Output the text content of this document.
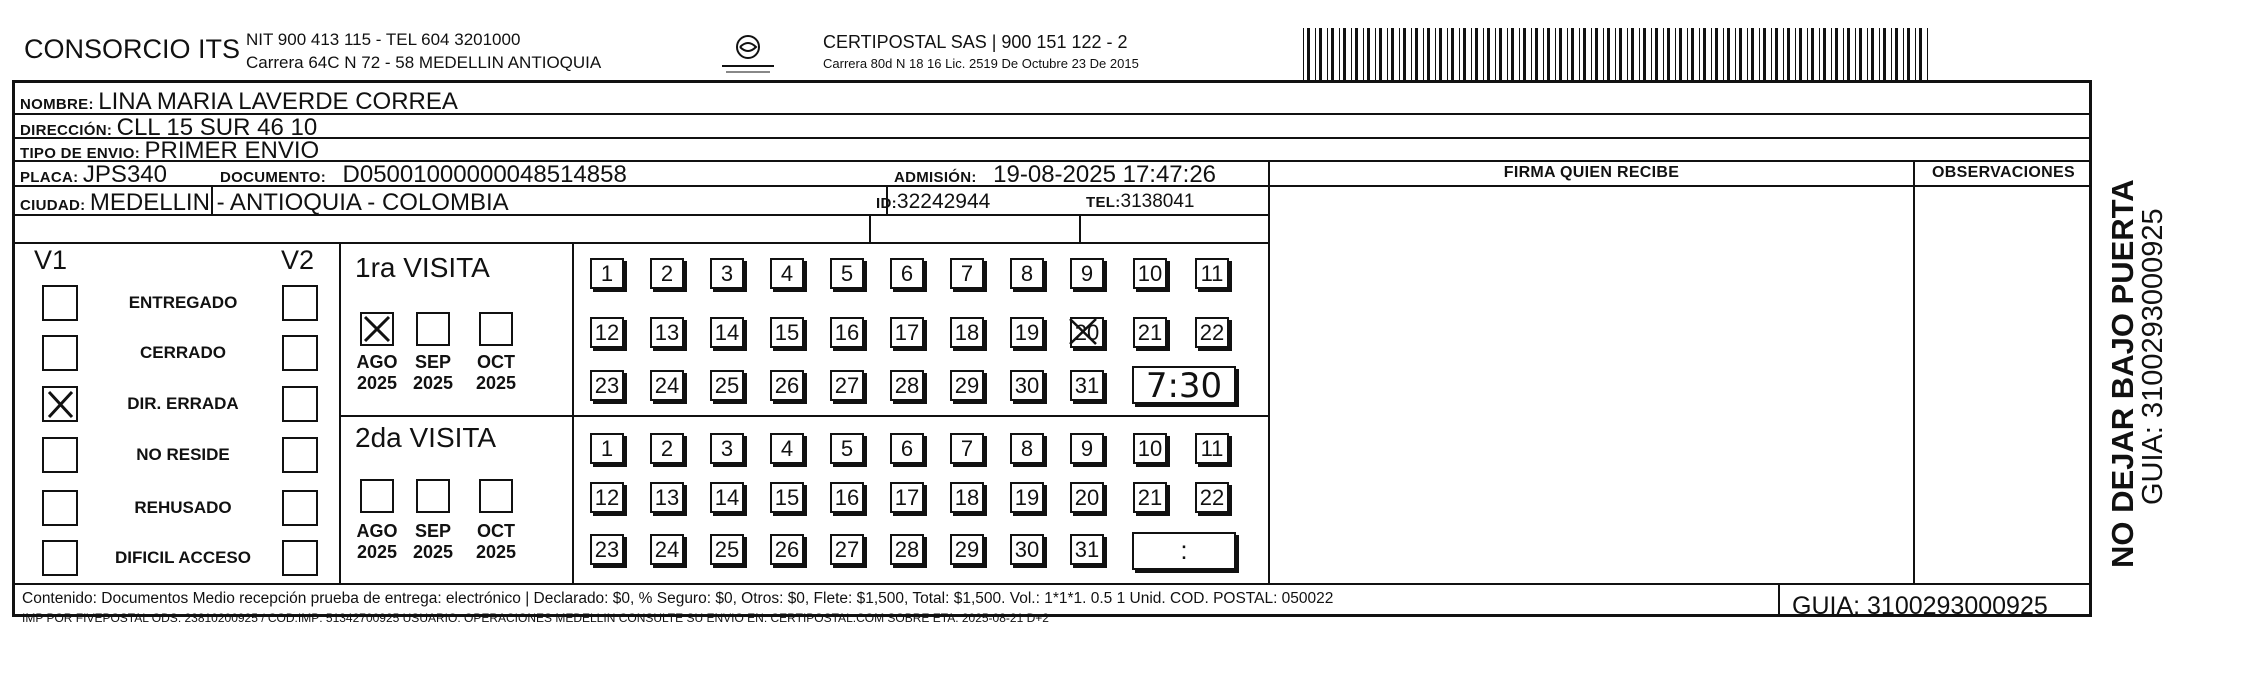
CONSORCIO ITS NIT 900 413 115 - TEL 604 3201000
Carrera 64C N 72 - 58 MEDELLIN ANTIOQUIA
CERTIPOSTAL SAS | 900 151 122 - 2
Carrera 80d N 18 16 Lic. 2519 De Octubre 23 De 2015
NOMBRE: LINA MARIA LAVERDE CORREA
DIRECCIÓN: CLL 15 SUR 46 10
TIPO DE ENVIO: PRIMER ENVIO
PLACA: JPS340	DOCUMENTO: D05001000000048514858	ADMISIÓN: 19-08-2025 17:47:26
CIUDAD: MEDELLIN - ANTIOQUIA - COLOMBIA	ID:32242944	TEL:3138041
FIRMA QUIEN RECIBE	OBSERVACIONES
V1	V2
ENTREGADO
CERRADO
DIR. ERRADA
NO RESIDE
REHUSADO
DIFICIL ACCESO
1ra VISITA
AGO
2025
SEP
2025
OCT
2025
1	2	3	4	5	6	7	8	9	10 11
12 13 14 15 16 17 18 19 20 21 22
23 24 25 26 27 28 29 30 31	7:30
2da VISITA
AGO
2025
SEP
2025
OCT
2025
1	2	3	4	5	6	7	8	9	10 11
12 13 14 15 16 17 18 19 20 21 22
23 24 25 26 27 28 29 30 31	:
Contenido: Documentos Medio recepción prueba de entrega: electrónico | Declarado: $0, % Seguro: $0, Otros: $0, Flete: $1,500, Total: $1,500. Vol.: 1*1*1. 0.5 1 Unid. COD. POSTAL: 050022
IMP POR FIVEPOSTAL ODS: 23810200925 / COD.IMP: 51342700925 USUARIO: OPERACIONES MEDELLIN CONSULTE SU ENVIO EN: CERTIPOSTAL.COM SOBRE ETA: 2025-08-21 D+2	GUIA: 3100293000925
NO DEJAR BAJO PUERTA
GUIA: 3100293000925
